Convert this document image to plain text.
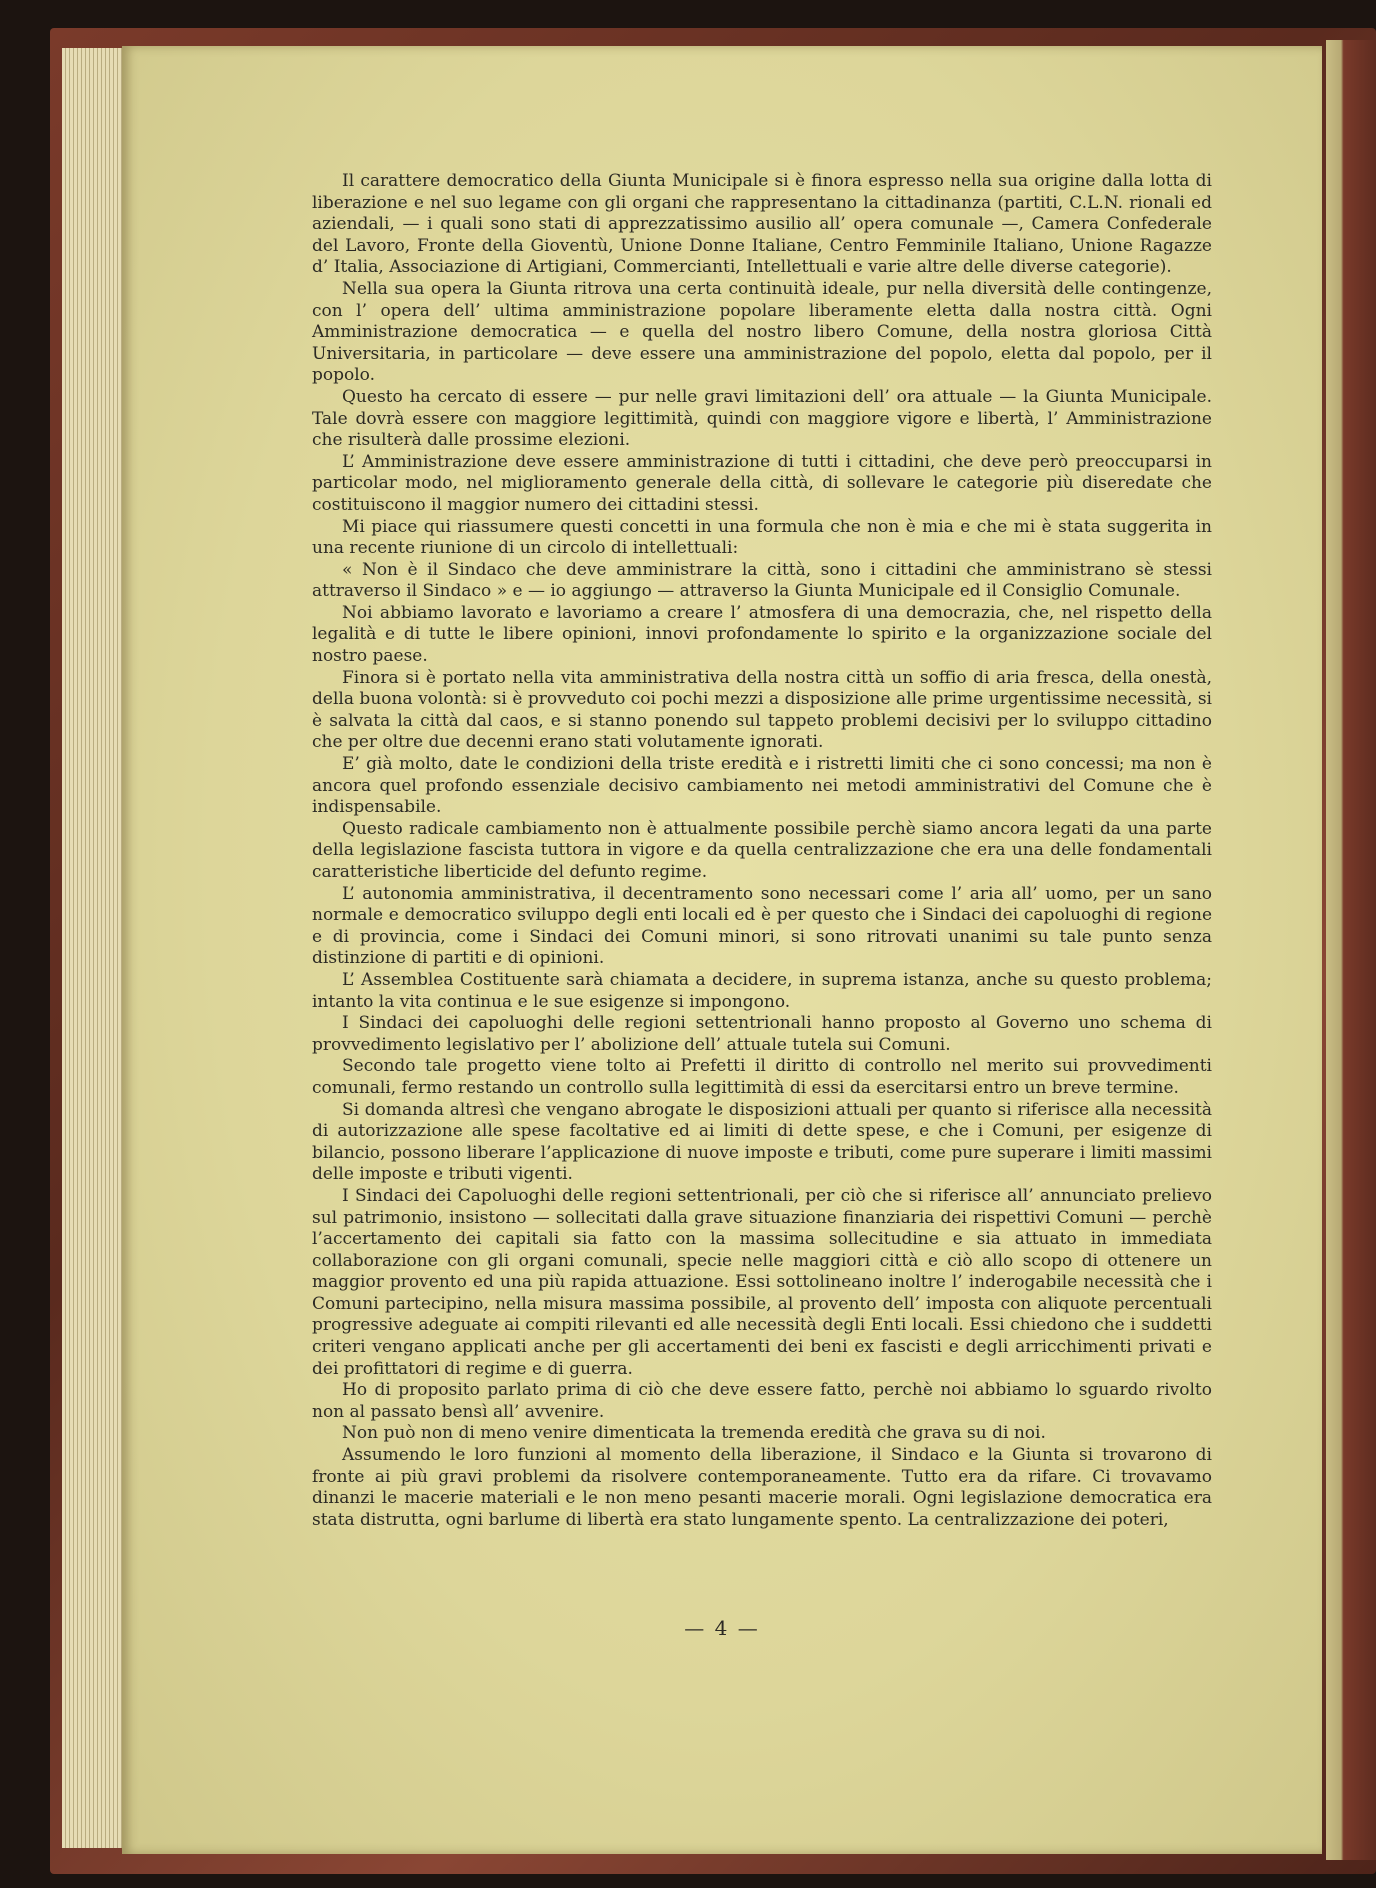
Il carattere democratico della Giunta Municipale si è finora espresso nella sua origine dalla lotta di liberazione e nel suo legame con gli organi che rappresentano la cittadinanza (partiti, C.L.N. rionali ed aziendali, — i quali sono stati di apprezzatissimo ausilio all’ opera comunale —, Camera Confederale del Lavoro, Fronte della Gioventù, Unione Donne Italiane, Centro Femminile Italiano, Unione Ragazze d’ Italia, Associazione di Artigiani, Commercianti, Intellettuali e varie altre delle diverse categorie).

Nella sua opera la Giunta ritrova una certa continuità ideale, pur nella diversità delle contingenze, con l’ opera dell’ ultima amministrazione popolare liberamente eletta dalla nostra città. Ogni Amministrazione democratica — e quella del nostro libero Comune, della nostra gloriosa Città Universitaria, in particolare — deve essere una amministrazione del popolo, eletta dal popolo, per il popolo.

Questo ha cercato di essere — pur nelle gravi limitazioni dell’ ora attuale — la Giunta Municipale. Tale dovrà essere con maggiore legittimità, quindi con maggiore vigore e libertà, l’ Amministrazione che risulterà dalle prossime elezioni.

L’ Amministrazione deve essere amministrazione di tutti i cittadini, che deve però preoccuparsi in particolar modo, nel miglioramento generale della città, di sollevare le categorie più diseredate che costituiscono il maggior numero dei cittadini stessi.

Mi piace qui riassumere questi concetti in una formula che non è mia e che mi è stata suggerita in una recente riunione di un circolo di intellettuali:

« Non è il Sindaco che deve amministrare la città, sono i cittadini che amministrano sè stessi attraverso il Sindaco » e — io aggiungo — attraverso la Giunta Municipale ed il Consiglio Comunale.

Noi abbiamo lavorato e lavoriamo a creare l’ atmosfera di una democrazia, che, nel rispetto della legalità e di tutte le libere opinioni, innovi profondamente lo spirito e la organizzazione sociale del nostro paese.

Finora si è portato nella vita amministrativa della nostra città un soffio di aria fresca, della onestà, della buona volontà: si è provveduto coi pochi mezzi a disposizione alle prime urgentissime necessità, si è salvata la città dal caos, e si stanno ponendo sul tappeto problemi decisivi per lo sviluppo cittadino che per oltre due decenni erano stati volutamente ignorati.

E’ già molto, date le condizioni della triste eredità e i ristretti limiti che ci sono concessi; ma non è ancora quel profondo essenziale decisivo cambiamento nei metodi amministrativi del Comune che è indispensabile.

Questo radicale cambiamento non è attualmente possibile perchè siamo ancora legati da una parte della legislazione fascista tuttora in vigore e da quella centralizzazione che era una delle fondamentali caratteristiche liberticide del defunto regime.

L’ autonomia amministrativa, il decentramento sono necessari come l’ aria all’ uomo, per un sano normale e democratico sviluppo degli enti locali ed è per questo che i Sindaci dei capoluoghi di regione e di provincia, come i Sindaci dei Comuni minori, si sono ritrovati unanimi su tale punto senza distinzione di partiti e di opinioni.

L’ Assemblea Costituente sarà chiamata a decidere, in suprema istanza, anche su questo problema; intanto la vita continua e le sue esigenze si impongono.

I Sindaci dei capoluoghi delle regioni settentrionali hanno proposto al Governo uno schema di provvedimento legislativo per l’ abolizione dell’ attuale tutela sui Comuni.

Secondo tale progetto viene tolto ai Prefetti il diritto di controllo nel merito sui provvedimenti comunali, fermo restando un controllo sulla legittimità di essi da esercitarsi entro un breve termine.

Si domanda altresì che vengano abrogate le disposizioni attuali per quanto si riferisce alla necessità di autorizzazione alle spese facoltative ed ai limiti di dette spese, e che i Comuni, per esigenze di bilancio, possono liberare l’applicazione di nuove imposte e tributi, come pure superare i limiti massimi delle imposte e tributi vigenti.

I Sindaci dei Capoluoghi delle regioni settentrionali, per ciò che si riferisce all’ annunciato prelievo sul patrimonio, insistono — sollecitati dalla grave situazione finanziaria dei rispettivi Comuni — perchè l’accertamento dei capitali sia fatto con la massima sollecitudine e sia attuato in immediata collaborazione con gli organi comunali, specie nelle maggiori città e ciò allo scopo di ottenere un maggior provento ed una più rapida attuazione. Essi sottolineano inoltre l’ inderogabile necessità che i Comuni partecipino, nella misura massima possibile, al provento dell’ imposta con aliquote percentuali progressive adeguate ai compiti rilevanti ed alle necessità degli Enti locali. Essi chiedono che i suddetti criteri vengano applicati anche per gli accertamenti dei beni ex fascisti e degli arricchimenti privati e dei profittatori di regime e di guerra.

Ho di proposito parlato prima di ciò che deve essere fatto, perchè noi abbiamo lo sguardo rivolto non al passato bensì all’ avvenire.

Non può non di meno venire dimenticata la tremenda eredità che grava su di noi.

Assumendo le loro funzioni al momento della liberazione, il Sindaco e la Giunta si trovarono di fronte ai più gravi problemi da risolvere contemporaneamente. Tutto era da rifare. Ci trovavamo dinanzi le macerie materiali e le non meno pesanti macerie morali. Ogni legislazione democratica era stata distrutta, ogni barlume di libertà era stato lungamente spento. La centralizzazione dei poteri,

— 4 —
